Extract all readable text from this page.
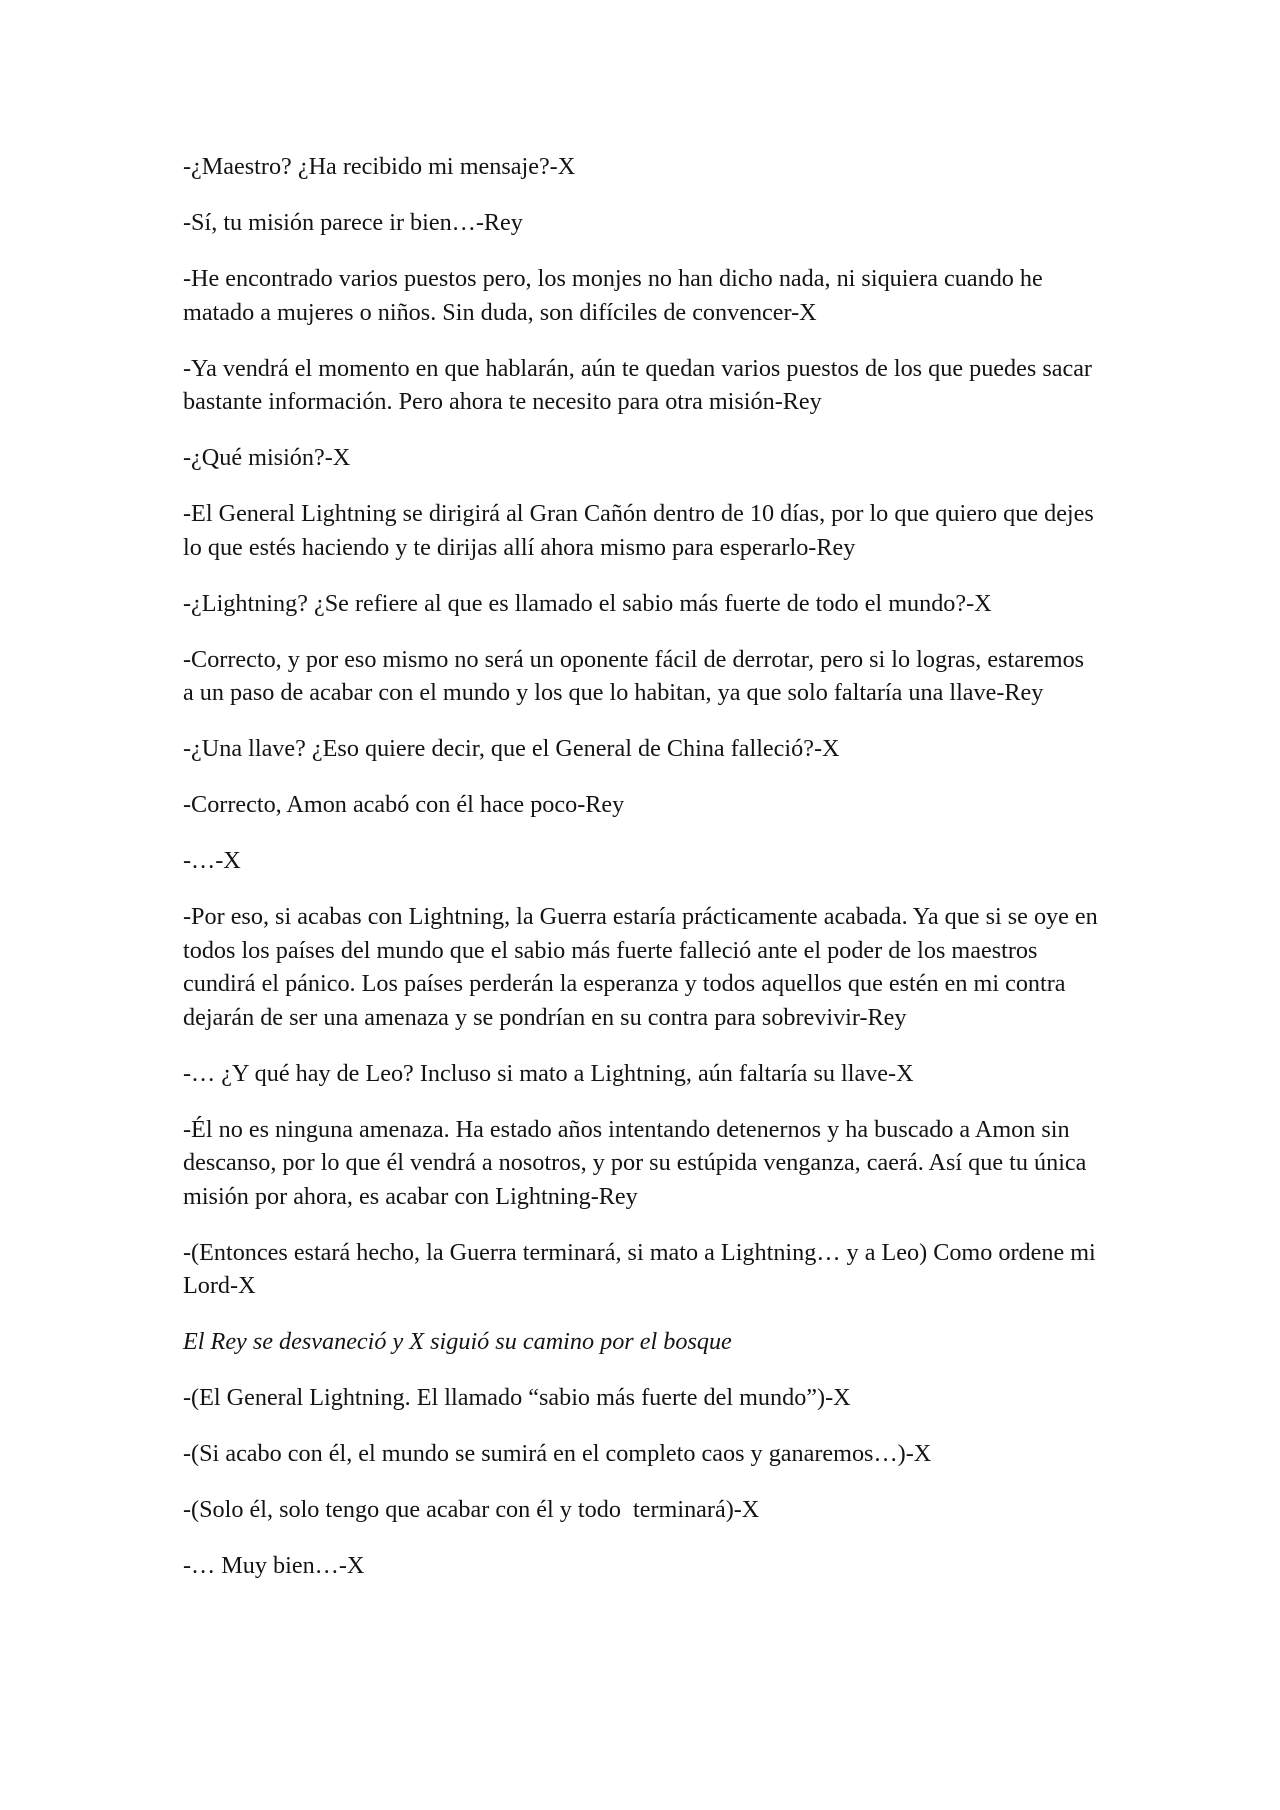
-¿Maestro? ¿Ha recibido mi mensaje?-X

-Sí, tu misión parece ir bien…-Rey

-He encontrado varios puestos pero, los monjes no han dicho nada, ni siquiera cuando he matado a mujeres o niños. Sin duda, son difíciles de convencer-X

-Ya vendrá el momento en que hablarán, aún te quedan varios puestos de los que puedes sacar bastante información. Pero ahora te necesito para otra misión-Rey

-¿Qué misión?-X

-El General Lightning se dirigirá al Gran Cañón dentro de 10 días, por lo que quiero que dejes lo que estés haciendo y te dirijas allí ahora mismo para esperarlo-Rey

-¿Lightning? ¿Se refiere al que es llamado el sabio más fuerte de todo el mundo?-X

-Correcto, y por eso mismo no será un oponente fácil de derrotar, pero si lo logras, estaremos a un paso de acabar con el mundo y los que lo habitan, ya que solo faltaría una llave-Rey

-¿Una llave? ¿Eso quiere decir, que el General de China falleció?-X

-Correcto, Amon acabó con él hace poco-Rey

-…-X

-Por eso, si acabas con Lightning, la Guerra estaría prácticamente acabada. Ya que si se oye en todos los países del mundo que el sabio más fuerte falleció ante el poder de los maestros cundirá el pánico. Los países perderán la esperanza y todos aquellos que estén en mi contra dejarán de ser una amenaza y se pondrían en su contra para sobrevivir-Rey

-… ¿Y qué hay de Leo? Incluso si mato a Lightning, aún faltaría su llave-X

-Él no es ninguna amenaza. Ha estado años intentando detenernos y ha buscado a Amon sin descanso, por lo que él vendrá a nosotros, y por su estúpida venganza, caerá. Así que tu única misión por ahora, es acabar con Lightning-Rey

-(Entonces estará hecho, la Guerra terminará, si mato a Lightning… y a Leo) Como ordene mi Lord-X

El Rey se desvaneció y X siguió su camino por el bosque

-(El General Lightning. El llamado “sabio más fuerte del mundo”)-X

-(Si acabo con él, el mundo se sumirá en el completo caos y ganaremos…)-X

-(Solo él, solo tengo que acabar con él y todo  terminará)-X

-… Muy bien…-X
